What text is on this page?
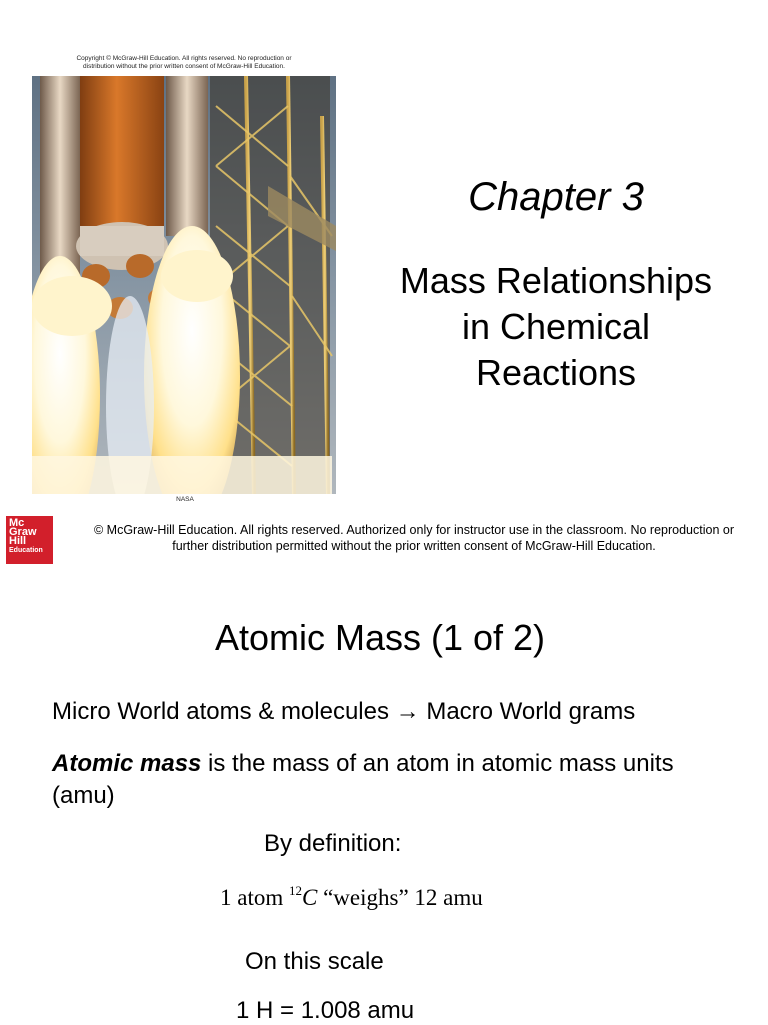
Copyright © McGraw-Hill Education. All rights reserved. No reproduction or distribution without the prior written consent of McGraw-Hill Education.
NASA
Chapter 3
Mass Relationships
in Chemical
Reactions
Mc
Graw
Hill
Education
© McGraw-Hill Education. All rights reserved. Authorized only for instructor use in the classroom. No reproduction or
further distribution permitted without the prior written consent of McGraw-Hill Education.
Atomic Mass (1 of 2)
Micro World atoms & molecules → Macro World grams
Atomic mass is the mass of an atom in atomic mass units (amu)
By definition:
1 atom $^{12}$C “weighs” 12 amu
On this scale
1 H = 1.008 amu
